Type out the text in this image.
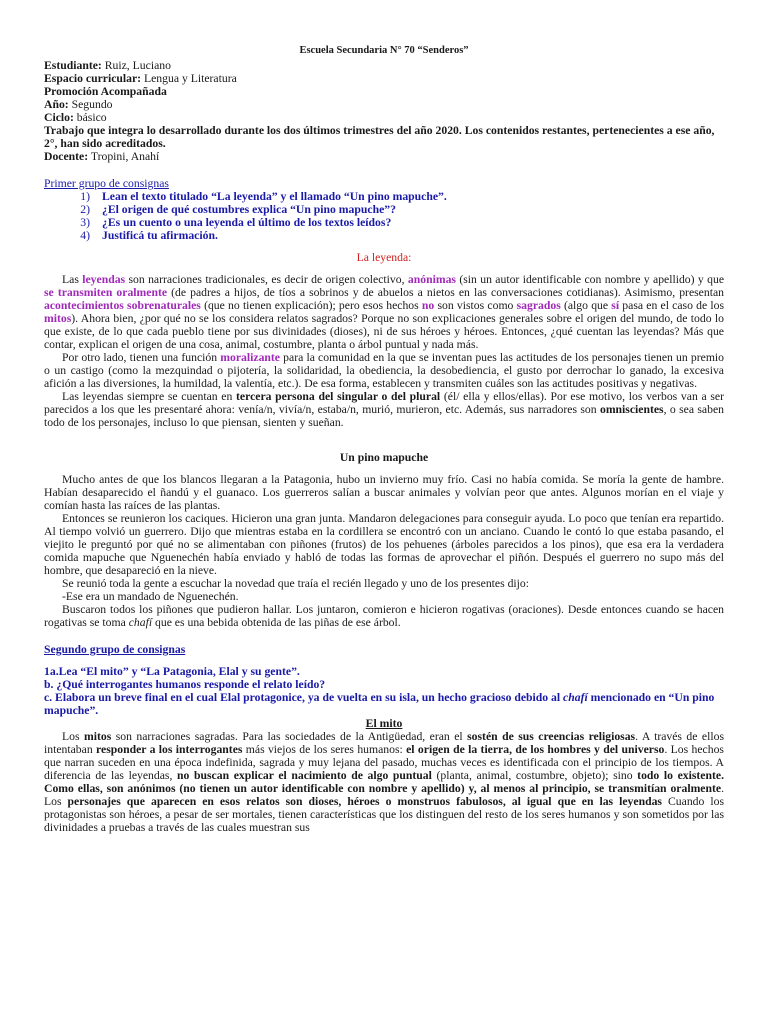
Escuela Secundaria N° 70 “Senderos”

Estudiante: Ruiz, Luciano

Espacio curricular: Lengua y Literatura

Promoción Acompañada

Año: Segundo

Ciclo: básico

Trabajo que integra lo desarrollado durante los dos últimos trimestres del año 2020. Los contenidos restantes, pertenecientes a ese año, 2°, han sido acreditados.

Docente: Tropini, Anahí

Primer grupo de consignas

1)	Lean el texto titulado “La leyenda” y el llamado “Un pino mapuche”.
2)	¿El origen de qué costumbres explica “Un pino mapuche”?
3)	¿Es un cuento o una leyenda el último de los textos leídos?
4)	Justificá tu afirmación.

La leyenda:

Las leyendas son narraciones tradicionales, es decir de origen colectivo, anónimas (sin un autor identificable con nombre y apellido) y que se transmiten oralmente (de padres a hijos, de tíos a sobrinos y de abuelos a nietos en las conversaciones cotidianas). Asimismo, presentan acontecimientos sobrenaturales (que no tienen explicación); pero esos hechos no son vistos como sagrados (algo que sí pasa en el caso de los mitos). Ahora bien, ¿por qué no se los considera relatos sagrados? Porque no son explicaciones generales sobre el origen del mundo, de todo lo que existe, de lo que cada pueblo tiene por sus divinidades (dioses), ni de sus héroes y héroes. Entonces, ¿qué cuentan las leyendas? Más que contar, explican el origen de una cosa, animal, costumbre, planta o árbol puntual y nada más.

Por otro lado, tienen una función moralizante para la comunidad en la que se inventan pues las actitudes de los personajes tienen un premio o un castigo (como la mezquindad o pijotería, la solidaridad, la obediencia, la desobediencia, el gusto por derrochar lo ganado, la excesiva afición a las diversiones, la humildad, la valentía, etc.). De esa forma, establecen y transmiten cuáles son las actitudes positivas y negativas.

Las leyendas siempre se cuentan en tercera persona del singular o del plural (él/ ella y ellos/ellas). Por ese motivo, los verbos van a ser parecidos a los que les presentaré ahora: venía/n, vivía/n, estaba/n, murió, murieron, etc. Además, sus narradores son omniscientes, o sea saben todo de los personajes, incluso lo que piensan, sienten y sueñan.

Un pino mapuche

Mucho antes de que los blancos llegaran a la Patagonia, hubo un invierno muy frío. Casi no había comida. Se moría la gente de hambre. Habían desaparecido el ñandú y el guanaco. Los guerreros salían a buscar animales y volvían peor que antes. Algunos morían en el viaje y comían hasta las raíces de las plantas.

Entonces se reunieron los caciques. Hicieron una gran junta. Mandaron delegaciones para conseguir ayuda. Lo poco que tenían era repartido. Al tiempo volvió un guerrero. Dijo que mientras estaba en la cordillera se encontró con un anciano. Cuando le contó lo que estaba pasando, el viejito le preguntó por qué no se alimentaban con piñones (frutos) de los pehuenes (árboles parecidos a los pinos), que esa era la verdadera comida mapuche que Nguenechén había enviado y habló de todas las formas de aprovechar el piñón. Después el guerrero no supo más del hombre, que desapareció en la nieve.

Se reunió toda la gente a escuchar la novedad que traía el recién llegado y uno de los presentes dijo:

-Ese era un mandado de Nguenechén.

Buscaron todos los piñones que pudieron hallar. Los juntaron, comieron e hicieron rogativas (oraciones). Desde entonces cuando se hacen rogativas se toma chafí que es una bebida obtenida de las piñas de ese árbol.

Segundo grupo de consignas

1a.Lea “El mito” y “La Patagonia, Elal y su gente”.

b. ¿Qué interrogantes humanos responde el relato leído?

c. Elabora un breve final en el cual Elal protagonice, ya de vuelta en su isla, un hecho gracioso debido al chafí mencionado en “Un pino mapuche”.

El mito

Los mitos son narraciones sagradas. Para las sociedades de la Antigüedad, eran el sostén de sus creencias religiosas. A través de ellos intentaban responder a los interrogantes más viejos de los seres humanos: el origen de la tierra, de los hombres y del universo. Los hechos que narran suceden en una época indefinida, sagrada y muy lejana del pasado, muchas veces es identificada con el principio de los tiempos. A diferencia de las leyendas, no buscan explicar el nacimiento de algo puntual (planta, animal, costumbre, objeto); sino todo lo existente. Como ellas, son anónimos (no tienen un autor identificable con nombre y apellido) y, al menos al principio, se transmitían oralmente. Los personajes que aparecen en esos relatos son dioses, héroes o monstruos fabulosos, al igual que en las leyendas Cuando los protagonistas son héroes, a pesar de ser mortales, tienen características que los distinguen del resto de los seres humanos y son sometidos por las divinidades a pruebas a través de las cuales muestran sus
